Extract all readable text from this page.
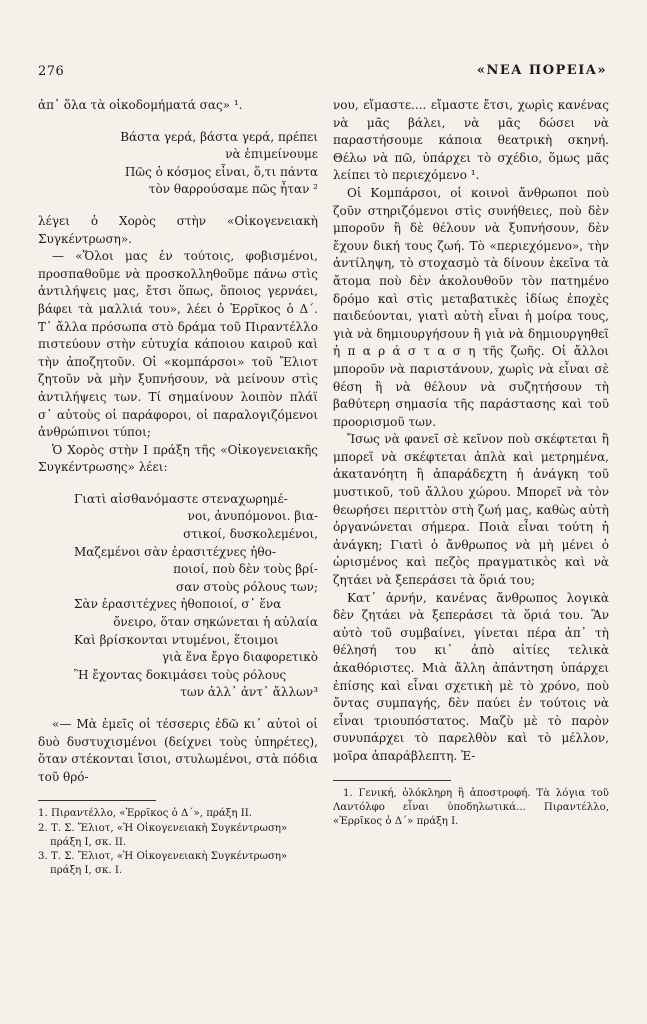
276	«ΝΕΑ ΠΟΡΕΙΑ»

ἀπ᾽ ὅλα τὰ οἰκοδομήματά σας» ¹.

Βάστα γερά, βάστα γερά, πρέπει
νὰ ἐπιμείνουμε
Πῶς ὁ κόσμος εἶναι, ὅ,τι πάντα
τὸν θαρρούσαμε πῶς ἦταν ²

λέγει ὁ Χορὸς στὴν «Οἰκογενειακὴ Συγκέντρωση».

— «Ὅλοι μας ἐν τούτοις, φοβισμένοι, προσπαθοῦμε νὰ προσκολληθοῦμε πάνω στὶς ἀντιλήψεις μας, ἔτσι ὅπως, ὅποιος γερνάει, βάφει τὰ μαλλιά του», λέει ὁ Ἐρρῖκος ὁ Δ΄. Τ᾽ ἄλλα πρόσωπα στὸ δράμα τοῦ Πιραντέλλο πιστεύουν στὴν εὐτυχία κάποιου καιροῦ καὶ τὴν ἀποζητοῦν. Οἱ «κομπάρσοι» τοῦ Ἔλιοτ ζητοῦν νὰ μὴν ξυπνήσουν, νὰ μείνουν στὶς ἀντιλήψεις των. Τί σημαίνουν λοιπὸν πλάϊ σ᾽ αὐτοὺς οἱ παράφοροι, οἱ παραλογιζόμενοι ἀνθρώπινοι τύποι;

Ὁ Χορὸς στὴν Ι πράξη τῆς «Οἰκογενειακῆς Συγκέντρωσης» λέει:

Γιατὶ αἰσθανόμαστε στεναχωρημέ-
νοι, ἀνυπόμονοι. βια-
στικοί, δυσκολεμένοι,
Μαζεμένοι σὰν ἐρασιτέχνες ἠθο-
ποιοί, ποὺ δὲν τοὺς βρί-
σαν στοὺς ρόλους των;
Σὰν ἐρασιτέχνες ἠθοποιοί, σ᾽ ἕνα
ὄνειρο, ὅταν σηκώνεται ἡ αὐλαία
Καὶ βρίσκονται ντυμένοι, ἕτοιμοι
γιὰ ἕνα ἔργο διαφορετικὸ
Ἢ ἔχοντας δοκιμάσει τοὺς ρόλους
των ἀλλ᾽ ἀντ᾽ ἄλλων³

«— Μὰ ἐμεῖς οἱ τέσσερις ἐδῶ κι᾽ αὐτοὶ οἱ δυὸ δυστυχισμένοι (δείχνει τοὺς ὑπηρέτες), ὅταν στέκονται ἴσιοι, στυλωμένοι, στὰ πόδια τοῦ θρό-

1. Πιραντέλλο, «Ἐρρῖκος ὁ Δ΄», πράξη ΙΙ.

2. Τ. Σ. Ἔλιοτ, «Ἡ Οἰκογενειακὴ Συγκέντρωση» πράξη Ι, σκ. ΙΙ.

3. Τ. Σ. Ἔλιοτ, «Ἡ Οἰκογενειακὴ Συγκέντρωση» πράξη Ι, σκ. Ι.

νου, εἴμαστε.... εἴμαστε ἔτσι, χωρὶς κανένας νὰ μᾶς βάλει, νὰ μᾶς δώσει νὰ παραστήσουμε κάποια θεατρικὴ σκηνή. Θέλω νὰ πῶ, ὑπάρχει τὸ σχέδιο, ὅμως μᾶς λείπει τὸ περιεχόμενο ¹.

Οἱ Κομπάρσοι, οἱ κοινοὶ ἄνθρωποι ποὺ ζοῦν στηριζόμενοι στὶς συνήθειες, ποὺ δὲν μποροῦν ἢ δὲ θέλουν νὰ ξυπνήσουν, δὲν ἔχουν δική τους ζωή. Τὸ «περιεχόμενο», τὴν ἀντίληψη, τὸ στοχασμὸ τὰ δίνουν ἐκεῖνα τὰ ἄτομα ποὺ δὲν ἀκολουθοῦν τὸν πατημένο δρόμο καὶ στὶς μεταβατικὲς ἰδίως ἐποχὲς παιδεύονται, γιατὶ αὐτὴ εἶναι ἡ μοίρα τους, γιὰ νὰ δημιουργήσουν ἢ γιὰ νὰ δημιουργηθεῖ ἡ π α ρ ά σ τ α σ η τῆς ζωῆς. Οἱ ἄλλοι μποροῦν νὰ παριστάνουν, χωρὶς νὰ εἶναι σὲ θέση ἢ νὰ θέλουν νὰ συζητήσουν τὴ βαθύτερη σημασία τῆς παράστασης καὶ τοῦ προορισμοῦ των.

Ἴσως νὰ φανεῖ σὲ κεῖνον ποὺ σκέφτεται ἢ μπορεῖ νὰ σκέφτεται ἁπλὰ καὶ μετρημένα, ἀκατανόητη ἢ ἀπαράδεχτη ἡ ἀνάγκη τοῦ μυστικοῦ, τοῦ ἄλλου χώρου. Μπορεῖ νὰ τὸν θεωρήσει περιττὸν στὴ ζωή μας, καθὼς αὐτὴ ὀργανώνεται σήμερα. Ποιὰ εἶναι τούτη ἡ ἀνάγκη; Γιατὶ ὁ ἄνθρωπος νὰ μὴ μένει ὁ ὡρισμένος καὶ πεζὸς πραγματικὸς καὶ νὰ ζητάει νὰ ξεπεράσει τὰ ὅριά του;

Κατ᾽ ἀρνήν, κανένας ἄνθρωπος λογικὰ δὲν ζητάει νὰ ξεπεράσει τὰ ὅριά του. Ἂν αὐτὸ τοῦ συμβαίνει, γίνεται πέρα ἀπ᾽ τὴ θέλησή του κι᾽ ἀπὸ αἰτίες τελικὰ ἀκαθόριστες. Μιὰ ἄλλη ἀπάντηση ὑπάρχει ἐπίσης καὶ εἶναι σχετικὴ μὲ τὸ χρόνο, ποὺ ὄντας συμπαγής, δὲν παύει ἐν τούτοις νὰ εἶναι τριουπόστατος. Μαζὺ μὲ τὸ παρὸν συνυπάρχει τὸ παρελθὸν καὶ τὸ μέλλον, μοῖρα ἀπαράβλεπτη. Ἐ-

1. Γενική, ὁλόκληρη ἢ ἀποστροφή. Τὰ λόγια τοῦ Λαντόλφο εἶναι ὑποδηλωτικά... Πιραντέλλο, «Ἐρρῖκος ὁ Δ΄» πράξη Ι.
